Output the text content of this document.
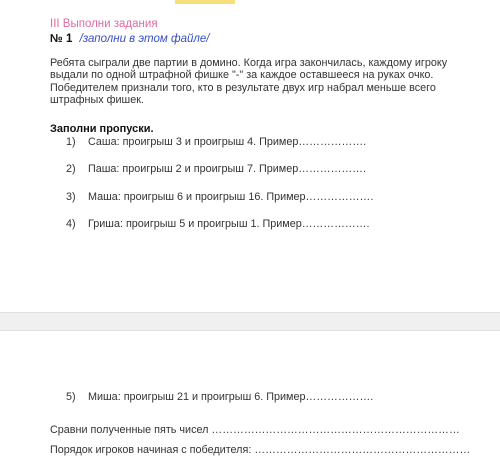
III Выполни задания
№ 1 /заполни в этом файле/
Ребята сыграли две партии в домино. Когда игра закончилась, каждому игроку выдали по одной штрафной фишке "-" за каждое оставшееся на руках очко. Победителем признали того, кто в результате двух игр набрал меньше всего штрафных фишек.
Заполни пропуски.
1) Саша: проигрыш 3 и проигрыш 4. Пример……………….
2) Паша: проигрыш 2 и проигрыш 7. Пример……………….
3) Маша: проигрыш 6 и проигрыш 16. Пример……………….
4) Гриша: проигрыш 5 и проигрыш 1. Пример……………….
5) Миша: проигрыш 21 и проигрыш 6. Пример……………….
Сравни полученные пять чисел ……………………………………………………………
Порядок игроков начиная с победителя: ……………………………………………………
